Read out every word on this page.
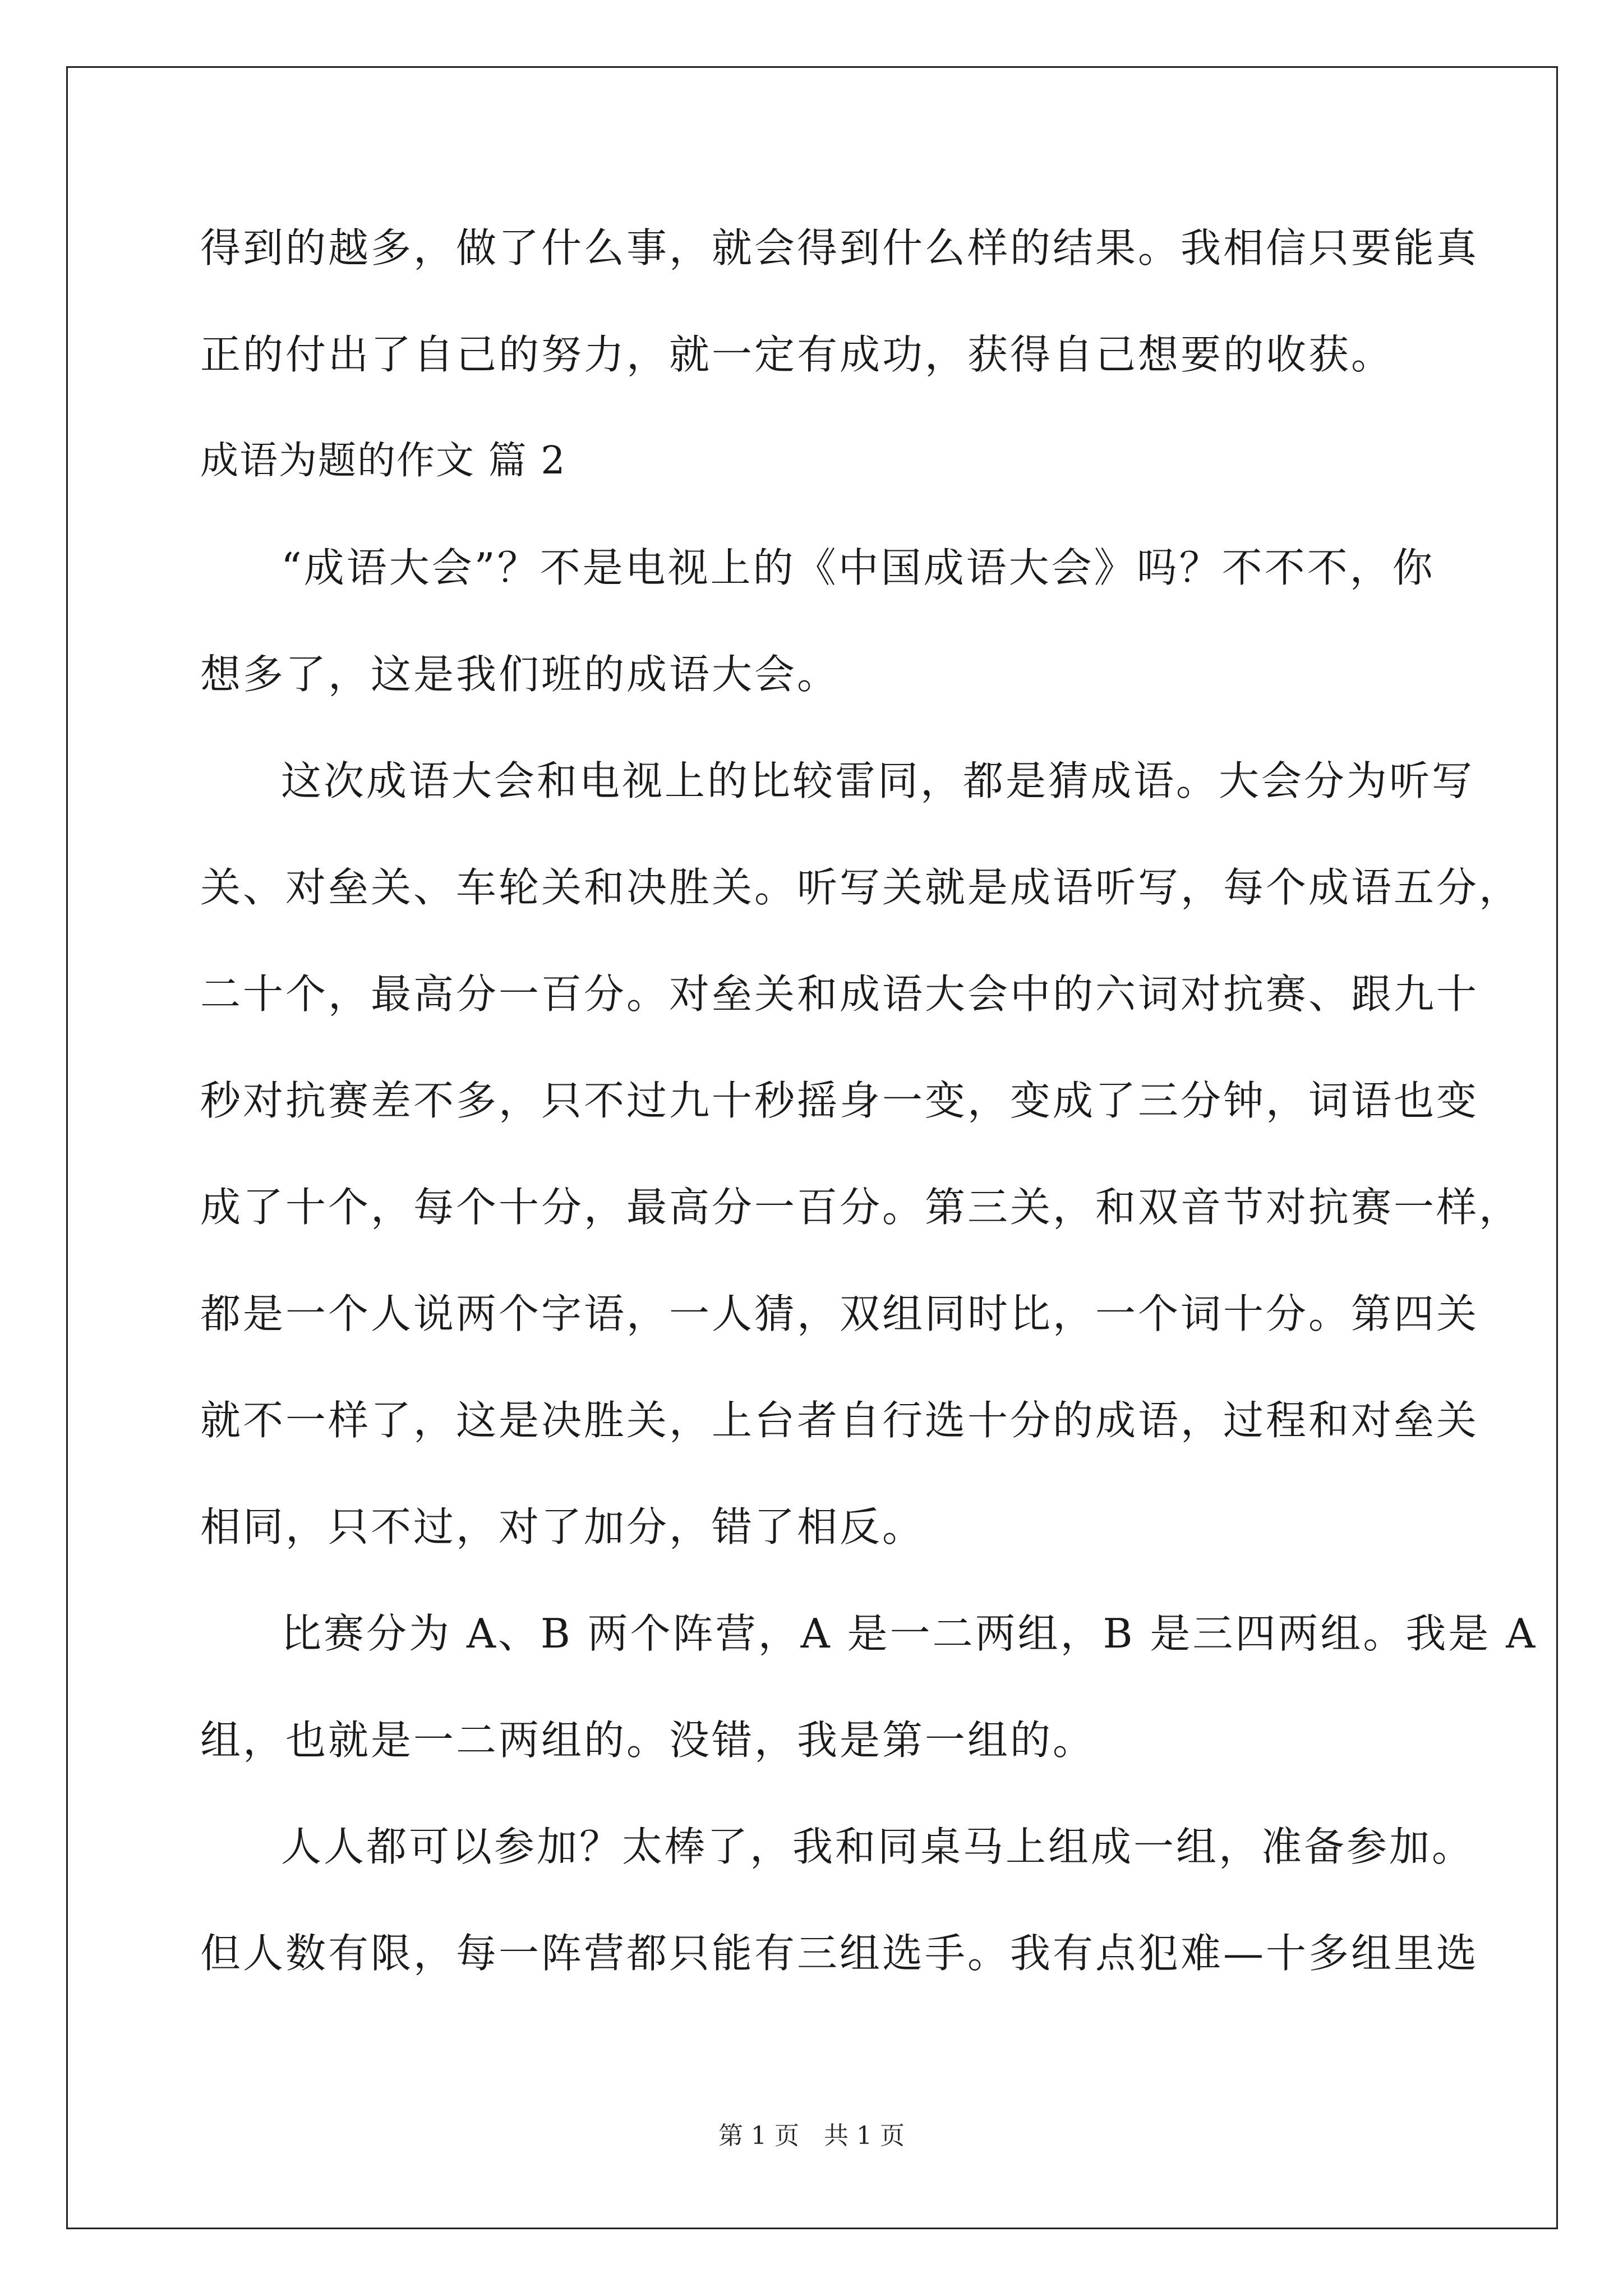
得到的越多，做了什么事，就会得到什么样的结果。我相信只要能真
正的付出了自己的努力，就一定有成功，获得自己想要的收获。
成语为题的作文 篇 2
“成语大会”？不是电视上的《中国成语大会》吗？不不不，你
想多了，这是我们班的成语大会。
这次成语大会和电视上的比较雷同，都是猜成语。大会分为听写
关、对垒关、车轮关和决胜关。听写关就是成语听写，每个成语五分，
二十个，最高分一百分。对垒关和成语大会中的六词对抗赛、跟九十
秒对抗赛差不多，只不过九十秒摇身一变，变成了三分钟，词语也变
成了十个，每个十分，最高分一百分。第三关，和双音节对抗赛一样，
都是一个人说两个字语，一人猜，双组同时比，一个词十分。第四关
就不一样了，这是决胜关，上台者自行选十分的成语，过程和对垒关
相同，只不过，对了加分，错了相反。
比赛分为 A、B 两个阵营，A 是一二两组，B 是三四两组。我是 A
组，也就是一二两组的。没错，我是第一组的。
人人都可以参加？太棒了，我和同桌马上组成一组，准备参加。
但人数有限，每一阵营都只能有三组选手。我有点犯难—十多组里选
第 1 页　共 1 页
